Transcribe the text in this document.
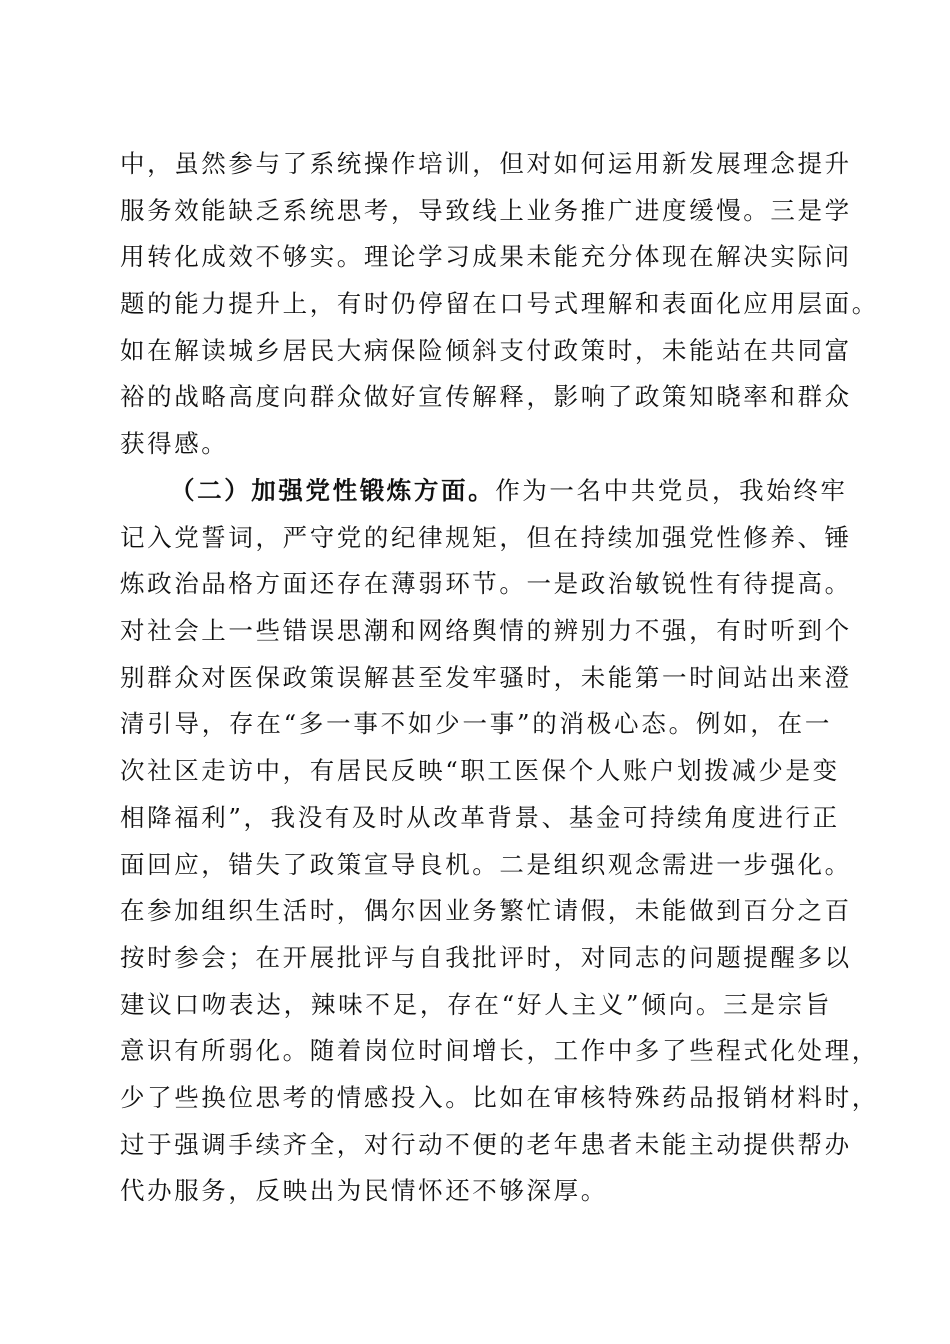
中，虽然参与了系统操作培训，但对如何运用新发展理念提升
服务效能缺乏系统思考，导致线上业务推广进度缓慢。三是学
用转化成效不够实。理论学习成果未能充分体现在解决实际问
题的能力提升上，有时仍停留在口号式理解和表面化应用层面。
如在解读城乡居民大病保险倾斜支付政策时，未能站在共同富
裕的战略高度向群众做好宣传解释，影响了政策知晓率和群众
获得感。
（二）加强党性锻炼方面。作为一名中共党员，我始终牢
记入党誓词，严守党的纪律规矩，但在持续加强党性修养、锤
炼政治品格方面还存在薄弱环节。一是政治敏锐性有待提高。
对社会上一些错误思潮和网络舆情的辨别力不强，有时听到个
别群众对医保政策误解甚至发牢骚时，未能第一时间站出来澄
清引导，存在“多一事不如少一事”的消极心态。例如，在一
次社区走访中，有居民反映“职工医保个人账户划拨减少是变
相降福利”，我没有及时从改革背景、基金可持续角度进行正
面回应，错失了政策宣导良机。二是组织观念需进一步强化。
在参加组织生活时，偶尔因业务繁忙请假，未能做到百分之百
按时参会；在开展批评与自我批评时，对同志的问题提醒多以
建议口吻表达，辣味不足，存在“好人主义”倾向。三是宗旨
意识有所弱化。随着岗位时间增长，工作中多了些程式化处理，
少了些换位思考的情感投入。比如在审核特殊药品报销材料时，
过于强调手续齐全，对行动不便的老年患者未能主动提供帮办
代办服务，反映出为民情怀还不够深厚。
